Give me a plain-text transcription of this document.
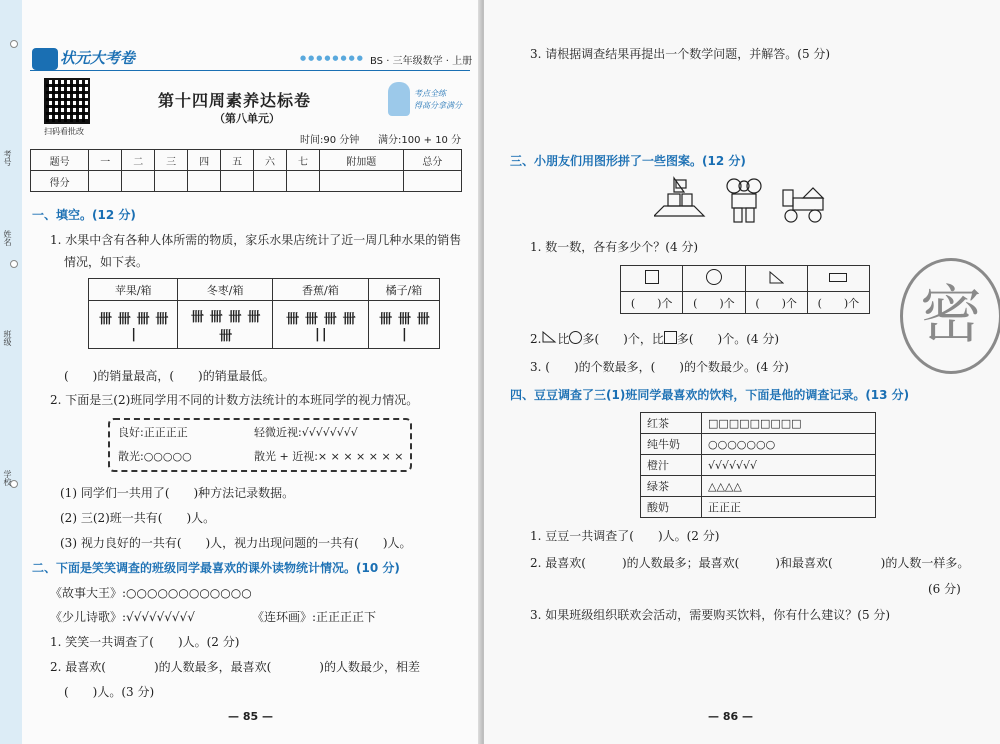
考号
姓名
班级
学校
状元大考卷	●●●●●●●● BS · 三年级数学 · 上册
扫码看批改
第十四周素养达标卷
（第八单元）
时间:90 分钟 满分:100 + 10 分
考点全练
得高分拿满分
题号	一	二	三	四	五	六	七	附加题	总分
得分									
一、填空。(12 分)
1. 水果中含有各种人体所需的物质，家乐水果店统计了近一周几种水果的销售
情况，如下表。
苹果/箱	冬枣/箱	香蕉/箱	橘子/箱
卌 卌 卌 卌 |	卌 卌 卌 卌 卌	卌 卌 卌 卌 ||	卌 卌 卌 |
(　　)的销量最高，(　　)的销量最低。
2. 下面是三(2)班同学用不同的计数方法统计的本班同学的视力情况。
良好:正正正正	轻微近视:√√√√√√√√
散光:○○○○○	散光 + 近视:× × × × × × ×
(1) 同学们一共用了(　　)种方法记录数据。
(2) 三(2)班一共有(　　)人。
(3) 视力良好的一共有(　　)人，视力出现问题的一共有(　　)人。
二、下面是笑笑调查的班级同学最喜欢的课外读物统计情况。(10 分)
《故事大王》:○○○○○○○○○○○○
《少儿诗歌》:√√√√√√√√√	《连环画》:正正正正下
1. 笑笑一共调查了(　　)人。(2 分)
2. 最喜欢(　　　　)的人数最多，最喜欢(　　　　)的人数最少，相差
(　　)人。(3 分)
— 85 —
3. 请根据调查结果再提出一个数学问题，并解答。(5 分)
三、小朋友们用图形拼了一些图案。(12 分)
1. 数一数，各有多少个？(4 分)

(　　)个	(　　)个	(　　)个	(　　)个
2. 比 多(　　)个，比 多(　　)个。(4 分)
3. (　　)的个数最多，(　　)的个数最少。(4 分)
四、豆豆调查了三(1)班同学最喜欢的饮料，下面是他的调查记录。(13 分)
红茶	□□□□□□□□□
纯牛奶	○○○○○○○
橙汁	√√√√√√√
绿茶	△△△△
酸奶	正正正
1. 豆豆一共调查了(　　)人。(2 分)
2. 最喜欢(　　　)的人数最多；最喜欢(　　　)和最喜欢(　　　　)的人数一样多。
(6 分)
3. 如果班级组织联欢会活动，需要购买饮料，你有什么建议？(5 分)
密
— 86 —
